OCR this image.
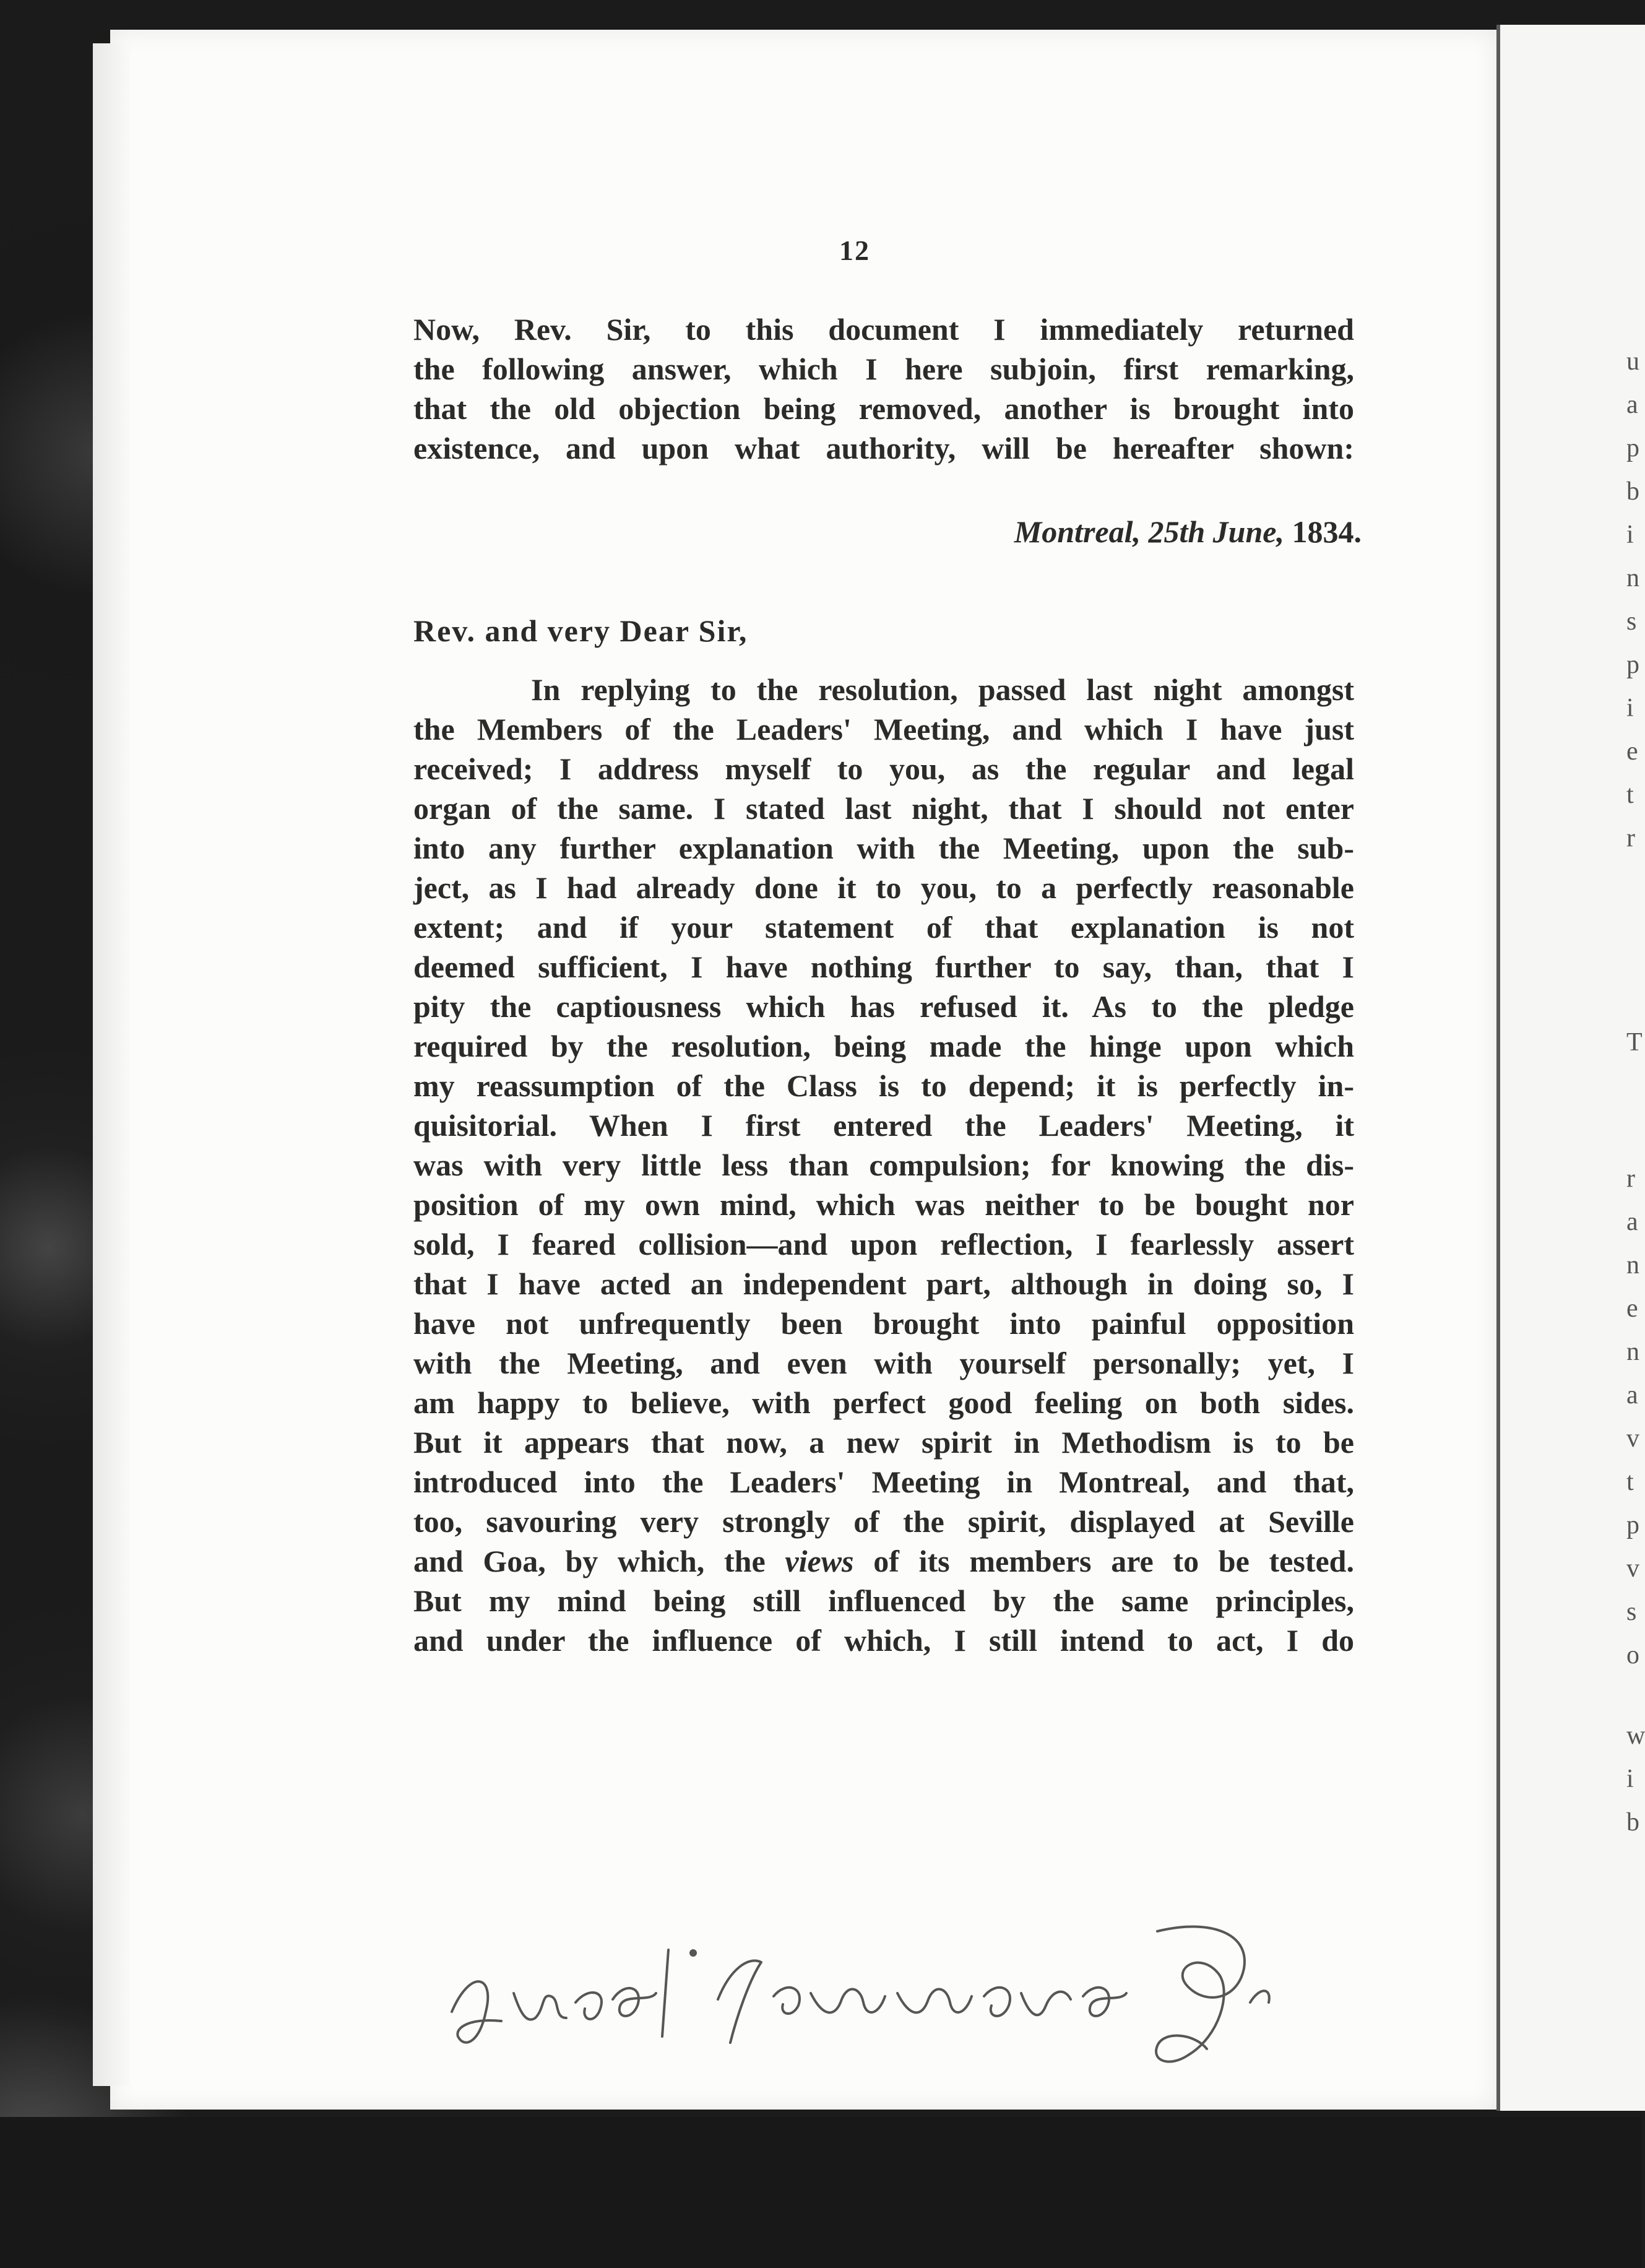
u
a
p
b
i
n
s
p
i
e
t
r
T
r
a
n
e
n
a
v
t
p
v
s
o
w
i
b
12
Now, Rev. Sir, to this document I immediately returned
the following answer, which I here subjoin, first remarking,
that the old objection being removed, another is brought into
existence, and upon what authority, will be hereafter shown:
Montreal, 25th June, 1834.
Rev. and very Dear Sir,
In replying to the resolution, passed last night amongst
the Members of the Leaders' Meeting, and which I have just
received; I address myself to you, as the regular and legal
organ of the same. I stated last night, that I should not enter
into any further explanation with the Meeting, upon the sub-
ject, as I had already done it to you, to a perfectly reasonable
extent; and if your statement of that explanation is not
deemed sufficient, I have nothing further to say, than, that I
pity the captiousness which has refused it. As to the pledge
required by the resolution, being made the hinge upon which
my reassumption of the Class is to depend; it is perfectly in-
quisitorial. When I first entered the Leaders' Meeting, it
was with very little less than compulsion; for knowing the dis-
position of my own mind, which was neither to be bought nor
sold, I feared collision—and upon reflection, I fearlessly assert
that I have acted an independent part, although in doing so, I
have not unfrequently been brought into painful opposition
with the Meeting, and even with yourself personally; yet, I
am happy to believe, with perfect good feeling on both sides.
But it appears that now, a new spirit in Methodism is to be
introduced into the Leaders' Meeting in Montreal, and that,
too, savouring very strongly of the spirit, displayed at Seville
and Goa, by which, the views of its members are to be tested.
But my mind being still influenced by the same principles,
and under the influence of which, I still intend to act, I do
